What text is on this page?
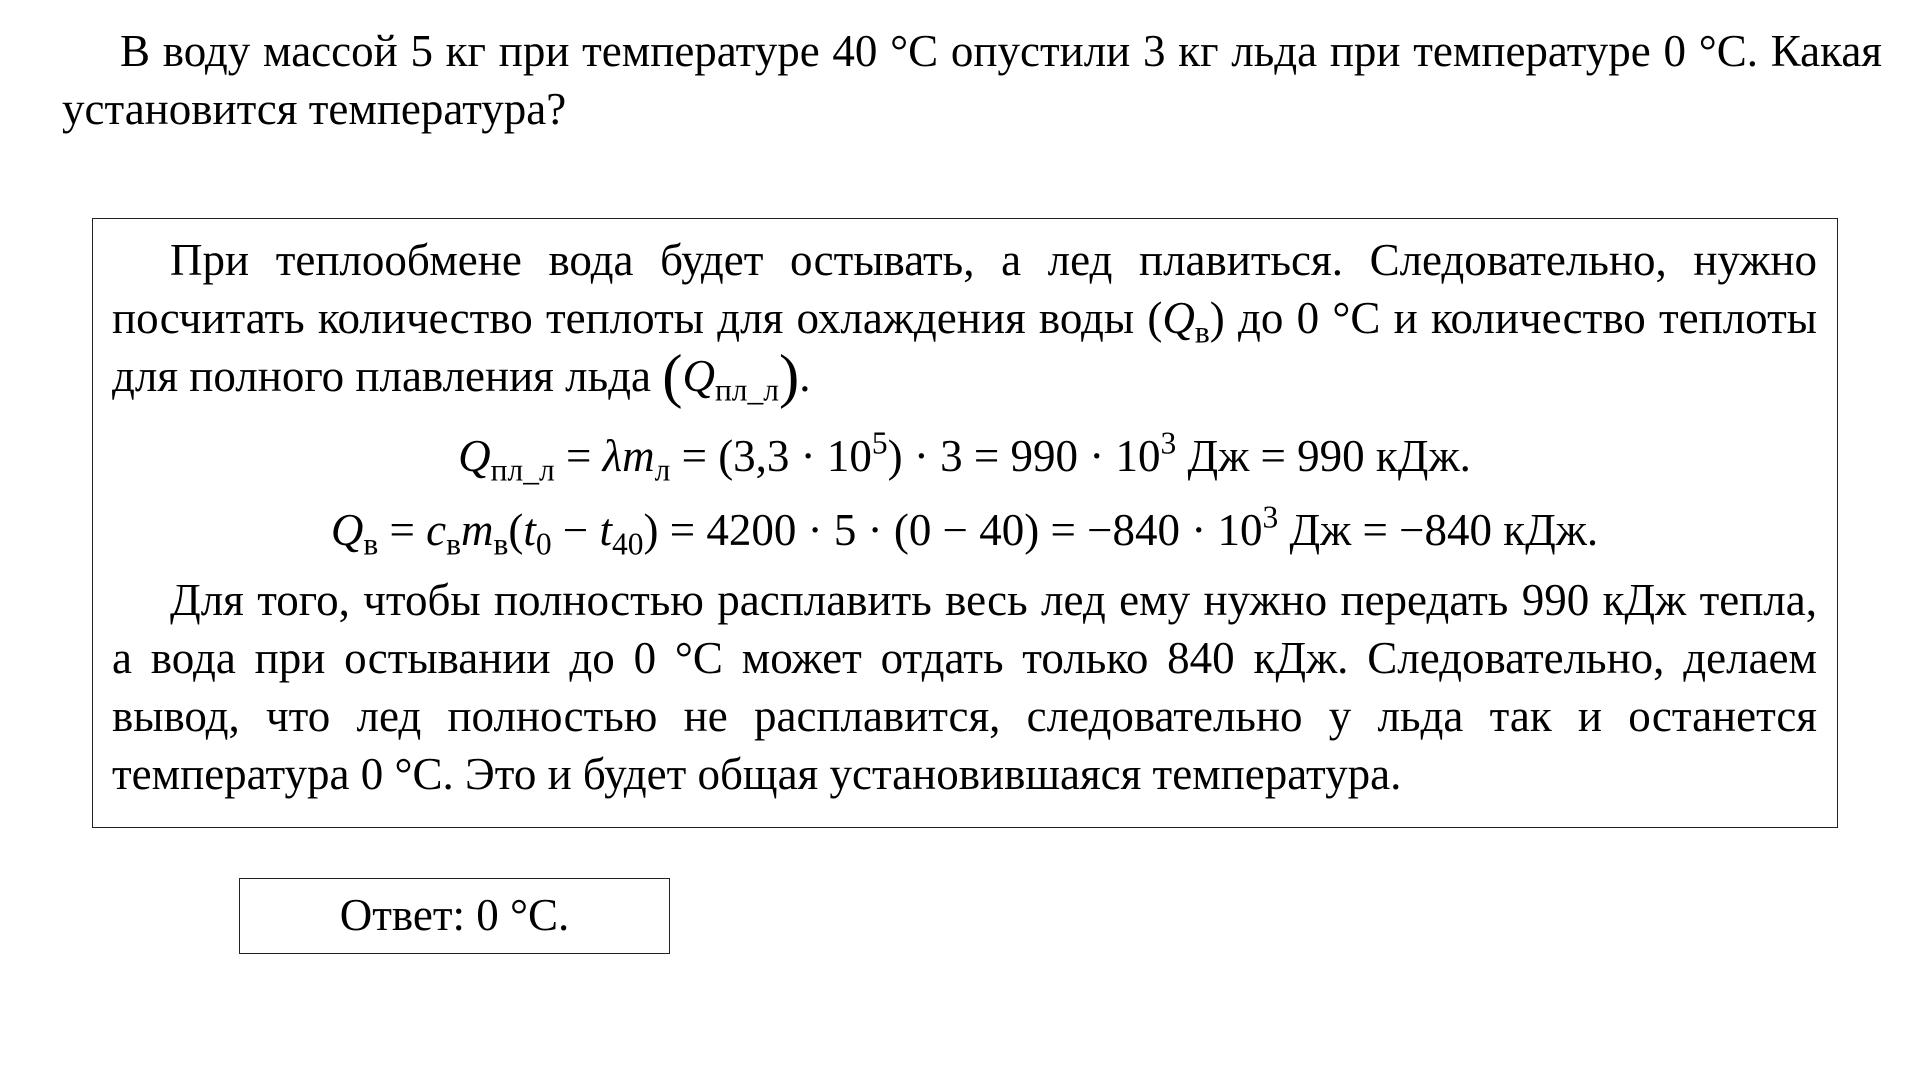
В воду массой 5 кг при температуре 40 °С опустили 3 кг льда при температуре 0 °С. Какая установится температура?

При теплообмене вода будет остывать, а лед плавиться. Следовательно, нужно посчитать количество теплоты для охлаждения воды $(Q_в)$ до 0 °С и количество теплоты для полного плавления льда $(Q_{пл\_л})$.

$Q_{пл\_л} = \lambda m_л = (3,3 \cdot 10^5) \cdot 3 = 990 \cdot 10^3$ Дж = 990 кДж.

$Q_в = c_вm_в(t_0 - t_{40}) = 4200 \cdot 5 \cdot (0 - 40) = -840 \cdot 10^3$ Дж = −840 кДж.

Для того, чтобы полностью расплавить весь лед ему нужно передать 990 кДж тепла, а вода при остывании до 0 °С может отдать только 840 кДж. Следовательно, делаем вывод, что лед полностью не расплавится, следовательно у льда так и останется температура 0 °С. Это и будет общая установившаяся температура.

Ответ: 0 °С.
